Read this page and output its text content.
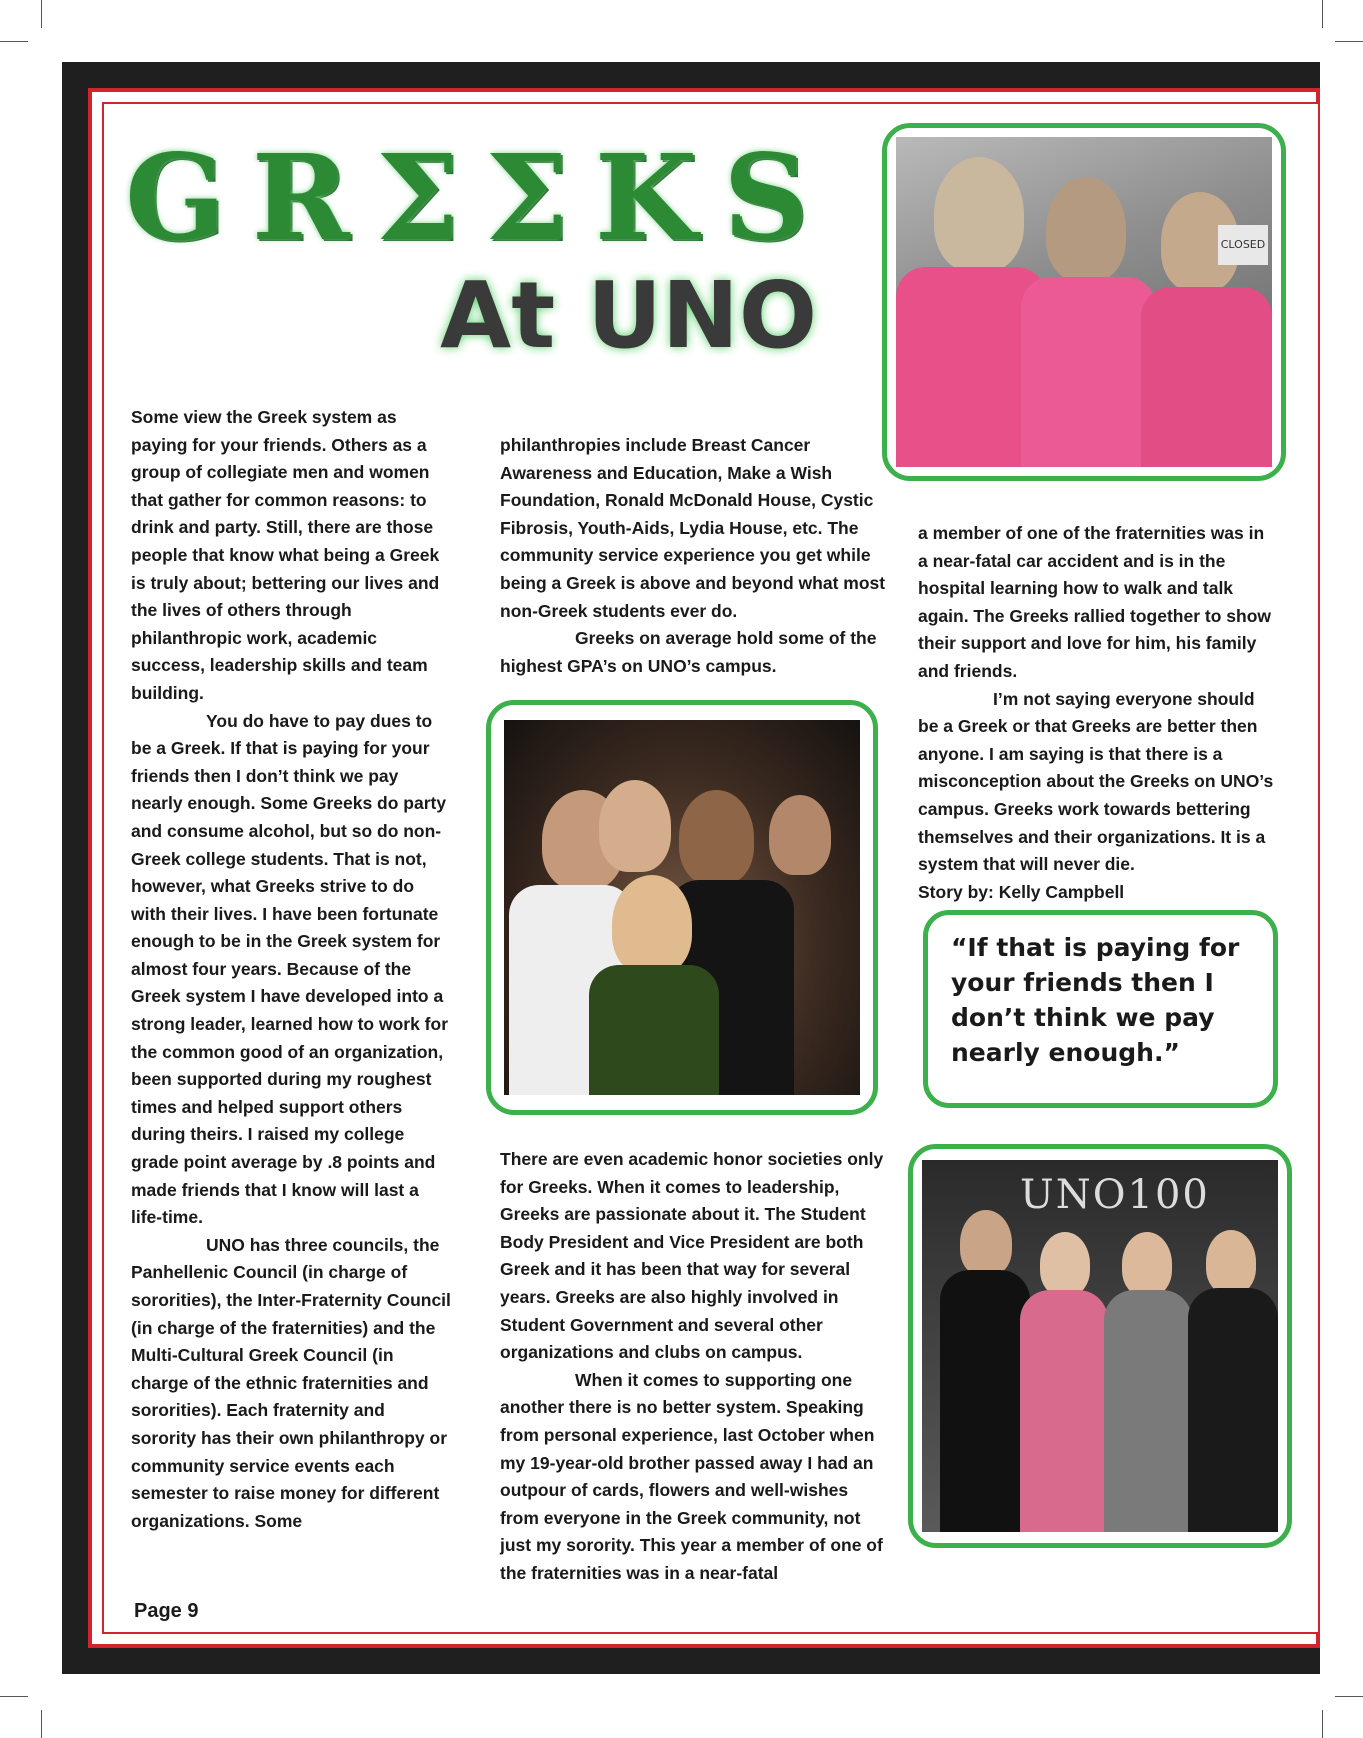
GRΣΣKS
At UNO

Some view the Greek system as paying for your friends. Others as a group of collegiate men and women that gather for common reasons: to drink and party. Still, there are those people that know what being a Greek is truly about; bettering our lives and the lives of others through philanthropic work, academic success, leadership skills and team building.

You do have to pay dues to be a Greek. If that is paying for your friends then I don’t think we pay nearly enough. Some Greeks do party and consume alcohol, but so do non-Greek college students. That is not, however, what Greeks strive to do with their lives. I have been fortunate enough to be in the Greek system for almost four years. Because of the Greek system I have developed into a strong leader, learned how to work for the common good of an organization, been supported during my roughest times and helped support others during theirs. I raised my college grade point average by .8 points and made friends that I know will last a life-time.

UNO has three councils, the Panhellenic Council (in charge of sororities), the Inter-Fraternity Council (in charge of the fraternities) and the Multi-Cultural Greek Council (in charge of the ethnic fraternities and sororities). Each fraternity and sorority has their own philanthropy or community service events each semester to raise money for different organizations. Some

philanthropies include Breast Cancer Awareness and Education, Make a Wish Foundation, Ronald McDonald House, Cystic Fibrosis, Youth-Aids, Lydia House, etc. The community service experience you get while being a Greek is above and beyond what most non-Greek students ever do.

Greeks on average hold some of the highest GPA’s on UNO’s campus.

There are even academic honor societies only for Greeks. When it comes to leadership, Greeks are passionate about it. The Student Body President and Vice President are both Greek and it has been that way for several years. Greeks are also highly involved in Student Government and several other organizations and clubs on campus.

When it comes to supporting one another there is no better system. Speaking from personal experience, last October when my 19-year-old brother passed away I had an outpour of cards, flowers and well-wishes from everyone in the Greek community, not just my sorority. This year a member of one of the fraternities was in a near-fatal

a member of one of the fraternities was in a near-fatal car accident and is in the hospital learning how to walk and talk again. The Greeks rallied together to show their support and love for him, his family and friends.

I’m not saying everyone should be a Greek or that Greeks are better then anyone. I am saying is that there is a misconception about the Greeks on UNO’s campus. Greeks work towards bettering themselves and their organizations. It is a system that will never die.

Story by: Kelly Campbell

CLOSED
“If that is paying for your friends then I don’t think we pay nearly enough.”
UNO100
Page 9
